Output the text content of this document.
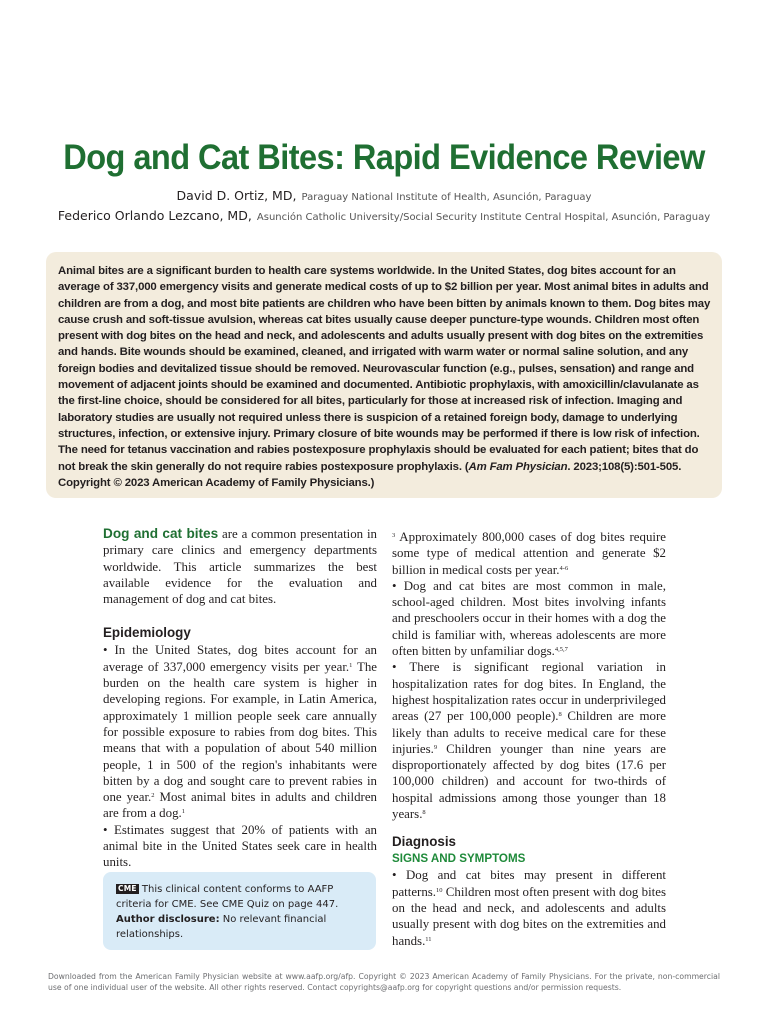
Dog and Cat Bites: Rapid Evidence Review
David D. Ortiz, MD, Paraguay National Institute of Health, Asunción, Paraguay
Federico Orlando Lezcano, MD, Asunción Catholic University/Social Security Institute Central Hospital, Asunción, Paraguay

Animal bites are a significant burden to health care systems worldwide. In the United States, dog bites account for an average of 337,000 emergency visits and generate medical costs of up to $2 billion per year. Most animal bites in adults and children are from a dog, and most bite patients are children who have been bitten by animals known to them. Dog bites may cause crush and soft-tissue avulsion, whereas cat bites usually cause deeper puncture-type wounds. Children most often present with dog bites on the head and neck, and adolescents and adults usually present with dog bites on the extremities and hands. Bite wounds should be examined, cleaned, and irrigated with warm water or normal saline solution, and any foreign bodies and devitalized tissue should be removed. Neurovascular function (e.g., pulses, sensation) and range and movement of adjacent joints should be examined and documented. Antibiotic prophylaxis, with amoxicillin/clavulanate as the first-line choice, should be considered for all bites, particularly for those at increased risk of infection. Imaging and laboratory studies are usually not required unless there is suspicion of a retained foreign body, damage to underlying structures, infection, or extensive injury. Primary closure of bite wounds may be performed if there is low risk of infection. The need for tetanus vaccination and rabies postexposure prophylaxis should be evaluated for each patient; bites that do not break the skin generally do not require rabies postexposure prophylaxis. (Am Fam Physician. 2023;108(5):501-505. Copyright © 2023 American Academy of Family Physicians.)

Dog and cat bites are a common presentation in primary care clinics and emergency departments worldwide. This article summarizes the best available evidence for the evaluation and management of dog and cat bites.

Epidemiology

• In the United States, dog bites account for an average of 337,000 emergency visits per year.$^1$ The burden on the health care system is higher in developing regions. For example, in Latin America, approximately 1 million people seek care annually for possible exposure to rabies from dog bites. This means that with a population of about 540 million people, 1 in 500 of the region's inhabitants were bitten by a dog and sought care to prevent rabies in one year.$^2$ Most animal bites in adults and children are from a dog.$^1$

• Estimates suggest that 20% of patients with an animal bite in the United States seek care in health units.

$^3$ Approximately 800,000 cases of dog bites require some type of medical attention and generate $2 billion in medical costs per year.$^{4-6}$

• Dog and cat bites are most common in male, school-aged children. Most bites involving infants and preschoolers occur in their homes with a dog the child is familiar with, whereas adolescents are more often bitten by unfamiliar dogs.$^{4,5,7}$

• There is significant regional variation in hospitalization rates for dog bites. In England, the highest hospitalization rates occur in underprivileged areas (27 per 100,000 people).$^8$ Children are more likely than adults to receive medical care for these injuries.$^9$ Children younger than nine years are disproportionately affected by dog bites (17.6 per 100,000 children) and account for two-thirds of hospital admissions among those younger than 18 years.$^8$

Diagnosis
SIGNS AND SYMPTOMS

• Dog and cat bites may present in different patterns.$^{10}$ Children most often present with dog bites on the head and neck, and adolescents and adults usually present with dog bites on the extremities and hands.$^{11}$

CME This clinical content conforms to AAFP criteria for CME. See CME Quiz on page 447.

Author disclosure: No relevant financial relationships.

Downloaded from the American Family Physician website at www.aafp.org/afp. Copyright © 2023 American Academy of Family Physicians. For the private, non-commercial use of one individual user of the website. All other rights reserved. Contact copyrights@aafp.org for copyright questions and/or permission requests.
